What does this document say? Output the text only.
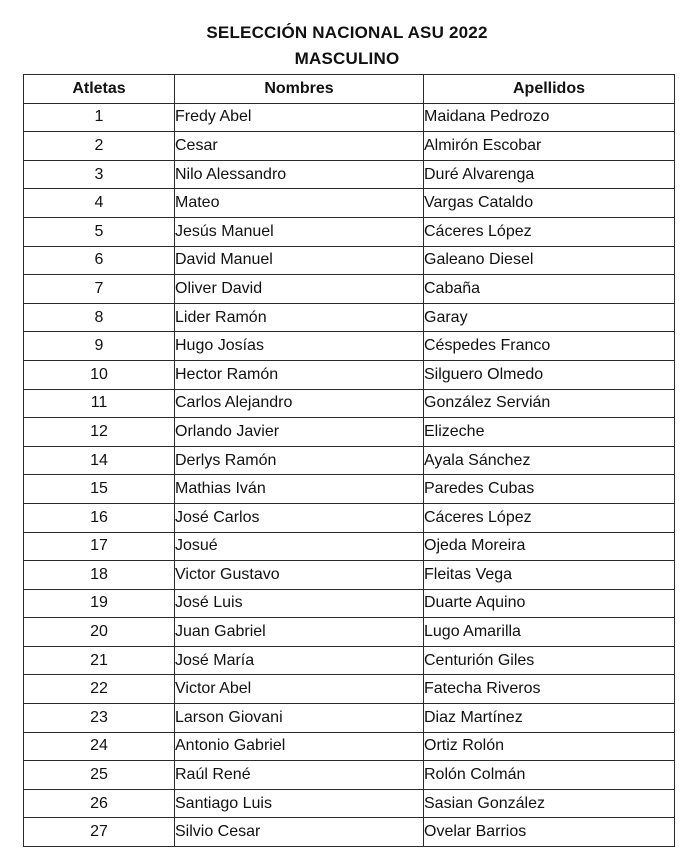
SELECCIÓN NACIONAL ASU 2022
MASCULINO
Atletas	Nombres	Apellidos
1	Fredy Abel	Maidana Pedrozo
2	Cesar	Almirón Escobar
3	Nilo Alessandro	Duré Alvarenga
4	Mateo	Vargas Cataldo
5	Jesús Manuel	Cáceres López
6	David Manuel	Galeano Diesel
7	Oliver David	Cabaña
8	Lider Ramón	Garay
9	Hugo Josías	Céspedes Franco
10	Hector Ramón	Silguero Olmedo
11	Carlos Alejandro	González Servián
12	Orlando Javier	Elizeche
14	Derlys Ramón	Ayala Sánchez
15	Mathias Iván	Paredes Cubas
16	José Carlos	Cáceres López
17	Josué	Ojeda Moreira
18	Victor Gustavo	Fleitas Vega
19	José Luis	Duarte Aquino
20	Juan Gabriel	Lugo Amarilla
21	José María	Centurión Giles
22	Victor Abel	Fatecha Riveros
23	Larson Giovani	Diaz Martínez
24	Antonio Gabriel	Ortiz Rolón
25	Raúl René	Rolón Colmán
26	Santiago Luis	Sasian González
27	Silvio Cesar	Ovelar Barrios
